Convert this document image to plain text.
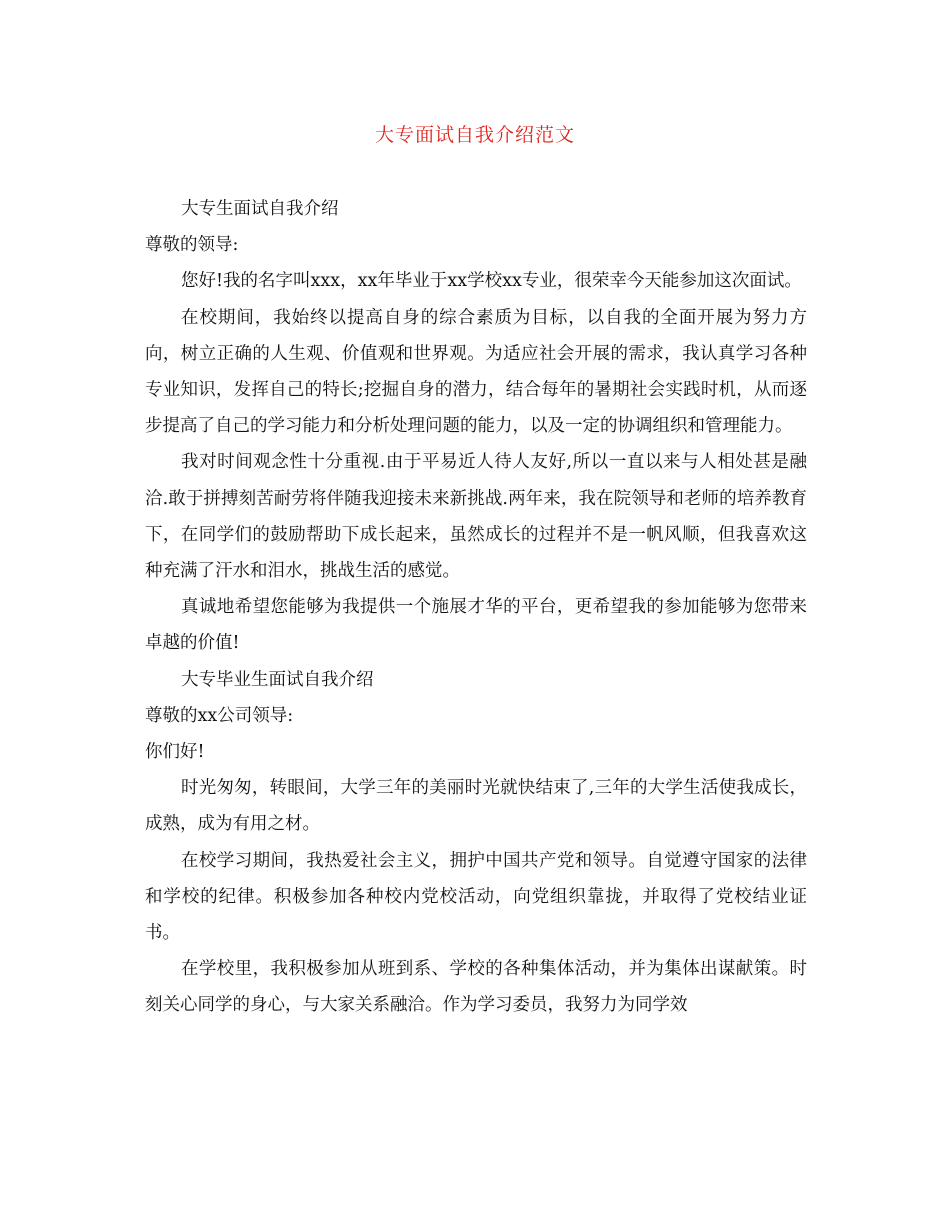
大专面试自我介绍范文

大专生面试自我介绍

尊敬的领导:

您好!我的名字叫xxx，xx年毕业于xx学校xx专业，很荣幸今天能参加这次面试。

在校期间，我始终以提高自身的综合素质为目标，以自我的全面开展为努力方向，树立正确的人生观、价值观和世界观。为适应社会开展的需求，我认真学习各种专业知识，发挥自己的特长;挖掘自身的潜力，结合每年的暑期社会实践时机，从而逐步提高了自己的学习能力和分析处理问题的能力，以及一定的协调组织和管理能力。

我对时间观念性十分重视.由于平易近人待人友好,所以一直以来与人相处甚是融洽.敢于拼搏刻苦耐劳将伴随我迎接未来新挑战.两年来，我在院领导和老师的培养教育下，在同学们的鼓励帮助下成长起来，虽然成长的过程并不是一帆风顺，但我喜欢这种充满了汗水和泪水，挑战生活的感觉。

真诚地希望您能够为我提供一个施展才华的平台，更希望我的参加能够为您带来卓越的价值!

大专毕业生面试自我介绍

尊敬的xx公司领导:

你们好!

时光匆匆，转眼间，大学三年的美丽时光就快结束了,三年的大学生活使我成长，成熟，成为有用之材。

在校学习期间，我热爱社会主义，拥护中国共产党和领导。自觉遵守国家的法律和学校的纪律。积极参加各种校内党校活动，向党组织靠拢，并取得了党校结业证书。

在学校里，我积极参加从班到系、学校的各种集体活动，并为集体出谋献策。时刻关心同学的身心，与大家关系融洽。作为学习委员，我努力为同学效
